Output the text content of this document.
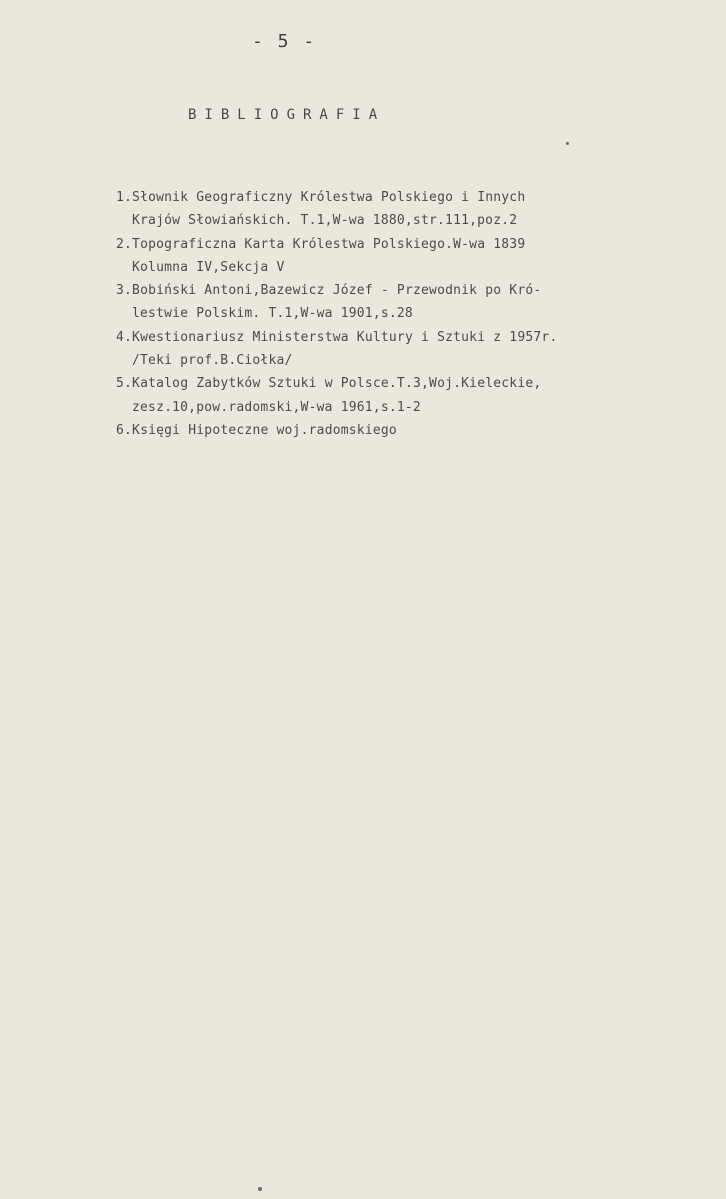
- 5 -
BIBLIOGRAFIA
1.Słownik Geograficzny Królestwa Polskiego i Innych
Krajów Słowiańskich. T.1,W-wa 1880,str.111,poz.2
2.Topograficzna Karta Królestwa Polskiego.W-wa 1839
Kolumna IV,Sekcja V
3.Bobiński Antoni,Bazewicz Józef - Przewodnik po Kró-
lestwie Polskim. T.1,W-wa 1901,s.28
4.Kwestionariusz Ministerstwa Kultury i Sztuki z 1957r.
/Teki prof.B.Ciołka/
5.Katalog Zabytków Sztuki w Polsce.T.3,Woj.Kieleckie,
zesz.10,pow.radomski,W-wa 1961,s.1-2
6.Księgi Hipoteczne woj.radomskiego
